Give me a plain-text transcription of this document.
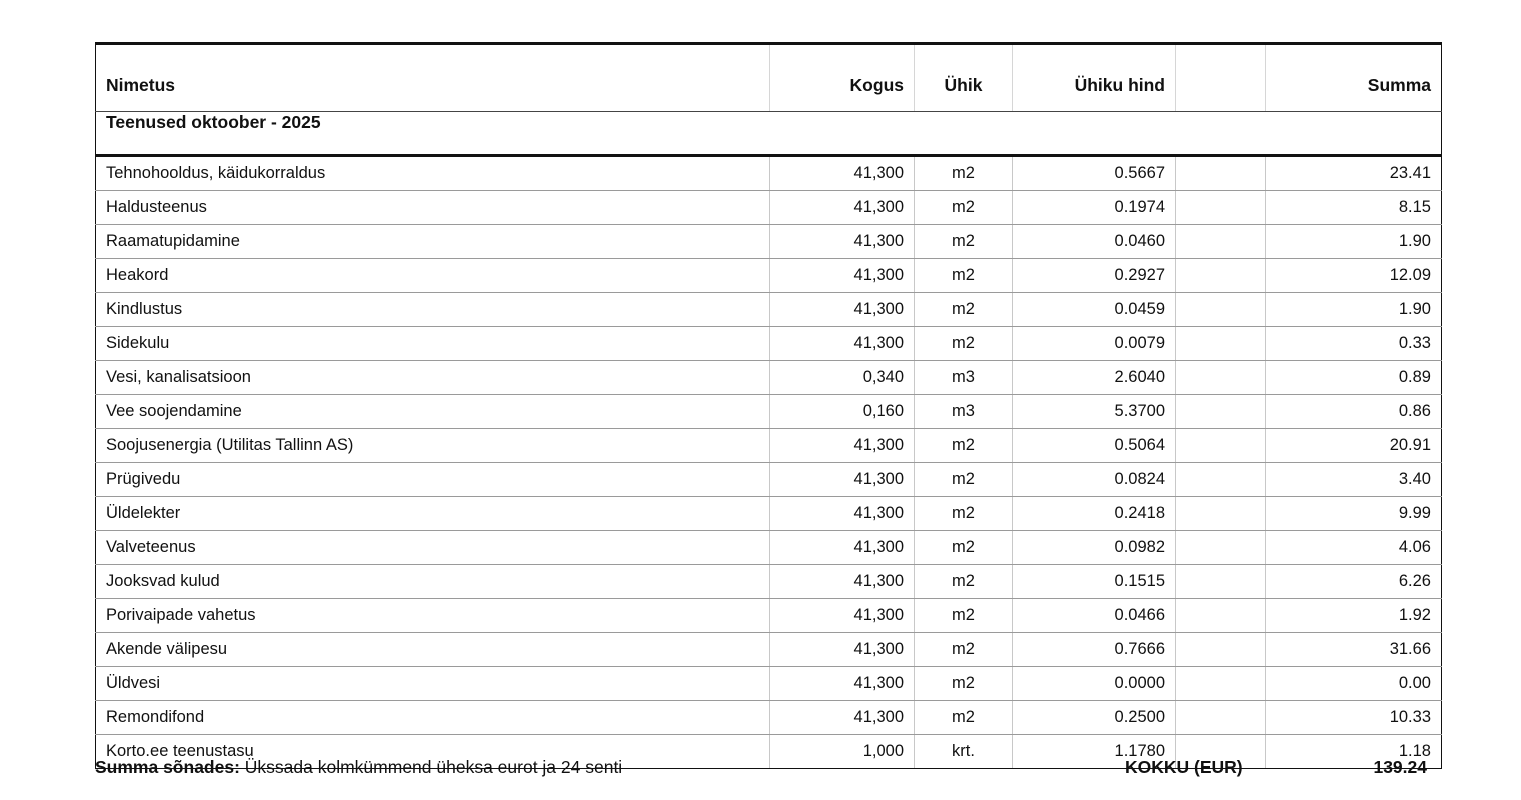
Nimetus	Kogus	Ühik	Ühiku hind		Summa
Teenused oktoober - 2025					
Tehnohooldus, käidukorraldus	41,300	m2	0.5667		23.41
Haldusteenus	41,300	m2	0.1974		8.15
Raamatupidamine	41,300	m2	0.0460		1.90
Heakord	41,300	m2	0.2927		12.09
Kindlustus	41,300	m2	0.0459		1.90
Sidekulu	41,300	m2	0.0079		0.33
Vesi, kanalisatsioon	0,340	m3	2.6040		0.89
Vee soojendamine	0,160	m3	5.3700		0.86
Soojusenergia (Utilitas Tallinn AS)	41,300	m2	0.5064		20.91
Prügivedu	41,300	m2	0.0824		3.40
Üldelekter	41,300	m2	0.2418		9.99
Valveteenus	41,300	m2	0.0982		4.06
Jooksvad kulud	41,300	m2	0.1515		6.26
Porivaipade vahetus	41,300	m2	0.0466		1.92
Akende välipesu	41,300	m2	0.7666		31.66
Üldvesi	41,300	m2	0.0000		0.00
Remondifond	41,300	m2	0.2500		10.33
Korto.ee teenustasu	1,000	krt.	1.1780		1.18
Summa sõnades: Ükssada kolmkümmend üheksa eurot ja 24 senti	KOKKU (EUR)	139.24
